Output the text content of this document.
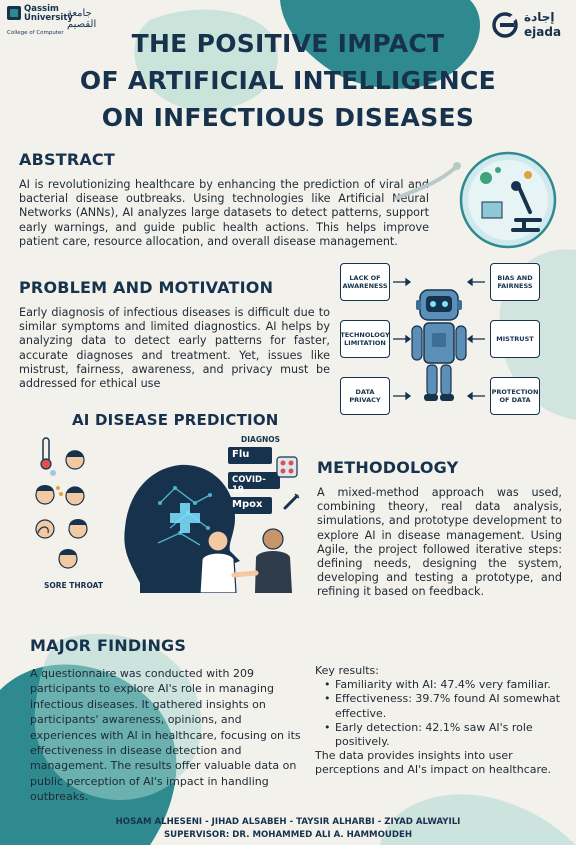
Qassim University
جامعة القصيم
College of Computer
إجادة
ejada
THE POSITIVE IMPACT
OF ARTIFICIAL INTELLIGENCE
ON INFECTIOUS DISEASES
ABSTRACT
AI is revolutionizing healthcare by enhancing the prediction of viral and bacterial disease outbreaks. Using technologies like Artificial Neural Networks (ANNs), AI analyzes large datasets to detect patterns, support early warnings, and guide public health actions. This helps improve patient care, resource allocation, and overall disease management.
PROBLEM AND MOTIVATION
Early diagnosis of infectious diseases is difficult due to similar symptoms and limited diagnostics. AI helps by analyzing data to detect early patterns for faster, accurate diagnoses and treatment. Yet, issues like mistrust, fairness, awareness, and privacy must be addressed for ethical use
LACK OF AWARENESS
TECHNOLOGY LIMITATION
DATA PRIVACY
BIAS AND FAIRNESS
MISTRUST
PROTECTION OF DATA
AI DISEASE PREDICTION
DIAGNOS
Flu
COVID-19
Mpox
SORE THROAT
METHODOLOGY
A mixed-method approach was used, combining theory, real data analysis, simulations, and prototype development to explore AI in disease management. Using Agile, the project followed iterative steps: defining needs, designing the system, developing and testing a prototype, and refining it based on feedback.
MAJOR FINDINGS
A questionnaire was conducted with 209 participants to explore AI's role in managing infectious diseases. It gathered insights on participants' awareness, opinions, and experiences with AI in healthcare, focusing on its effectiveness in disease detection and management. The results offer valuable data on public perception of AI's impact in handling outbreaks.
Key results:
• Familiarity with AI: 47.4% very familiar.
• Effectiveness: 39.7% found AI somewhat effective.
• Early detection: 42.1% saw AI's role positively.
The data provides insights into user perceptions and AI's impact on healthcare.
HOSAM ALHESENI - JIHAD ALSABEH - TAYSIR ALHARBI - ZIYAD ALWAYILI
SUPERVISOR: DR. MOHAMMED ALI A. HAMMOUDEH
